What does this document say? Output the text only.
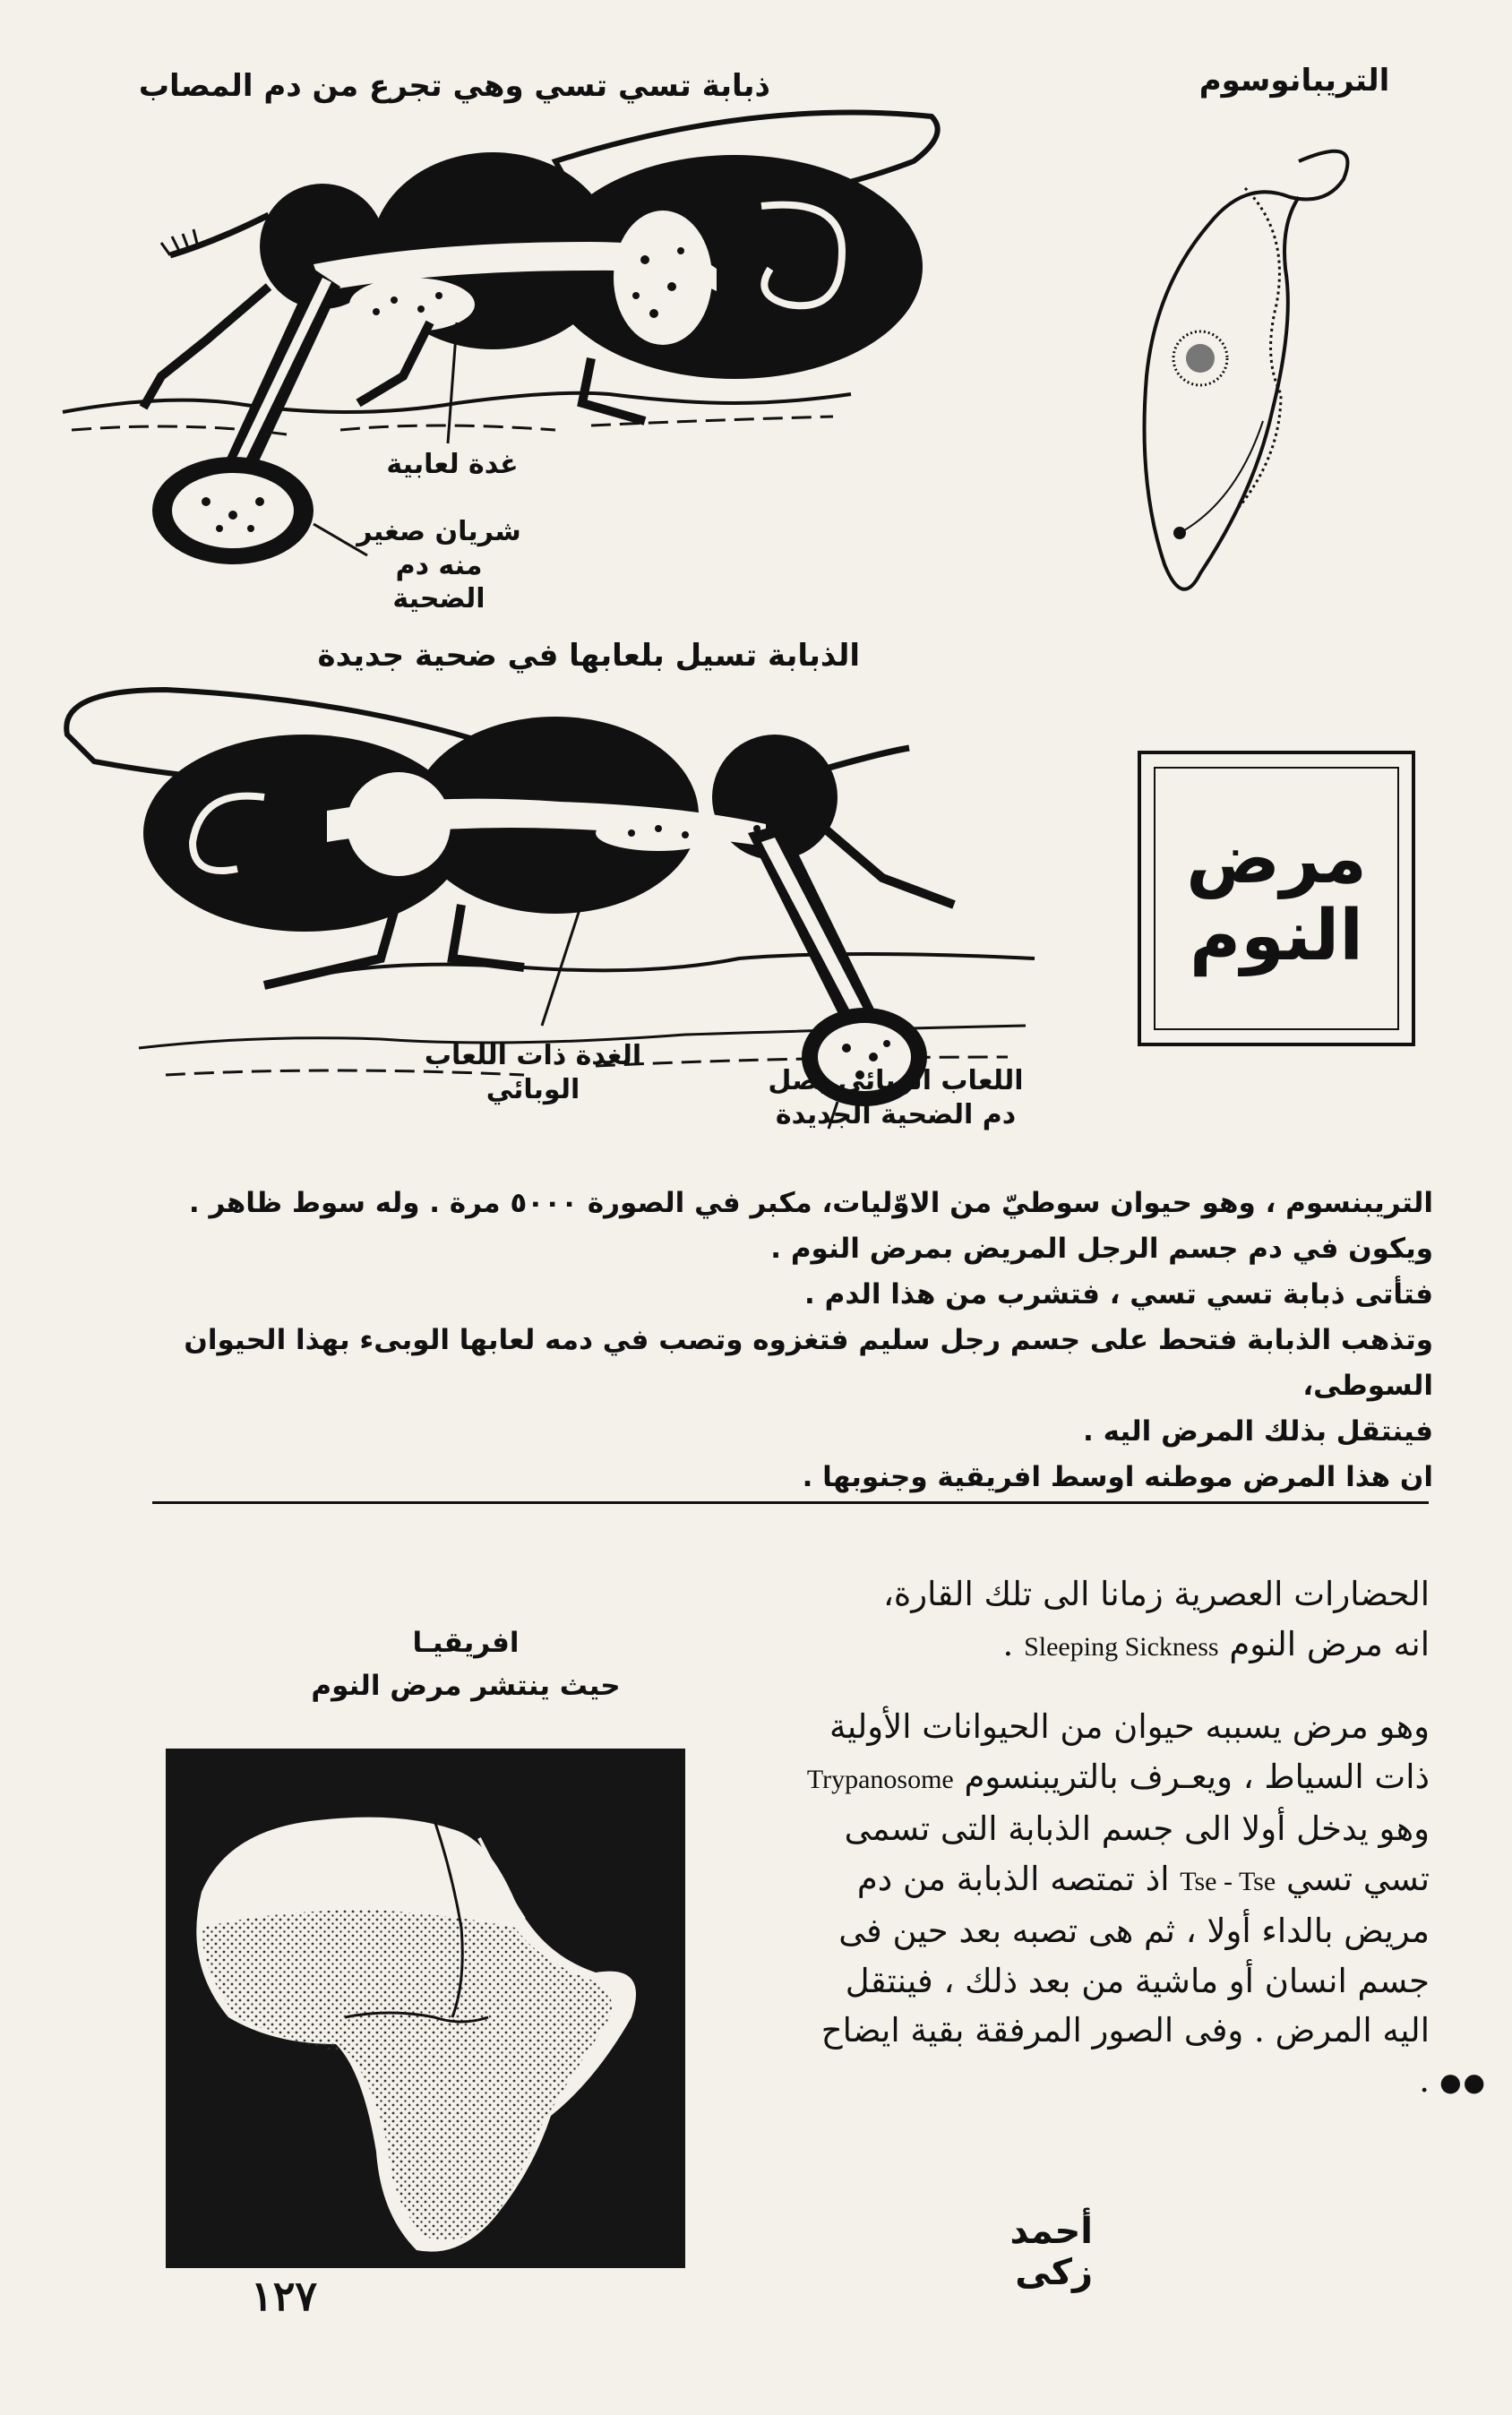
ذبابة تسي تسي وهي تجرع من دم المصاب
غدة لعابية
شريان صغير منه دم الضحية
التريبانوسوم
الذبابة تسيل بلعابها في ضحية جديدة
الغدة ذات اللعاب الوبائي	اللعاب الوبائي يصل دم الضحية الجديدة
مرض
النوم

التريبنسوم ، وهو حيوان سوطيّ من الاوّليات، مكبر في الصورة ٥٠٠٠ مرة . وله سوط ظاهر .

ويكون في دم جسم الرجل المريض بمرض النوم .

فتأتى ذبابة تسي تسي ، فتشرب من هذا الدم .

وتذهب الذبابة فتحط على جسم رجل سليم فتغزوه وتصب في دمه لعابها الوبىء بهذا الحيوان السوطى،

فينتقل بذلك المرض اليه .

ان هذا المرض موطنه اوسط افريقية وجنوبها .

افريقيـا
حيث ينتشر مرض النوم

الحضارات العصرية زمانا الى تلك القارة،
انه مرض النوم Sleeping Sickness .

وهو مرض يسببه حيوان من الحيوانات الأولية ذات السياط ، ويعـرف بالتريبنسوم Trypanosome وهو يدخل أولا الى جسم الذبابة التى تسمى تسي تسي Tse - Tse اذ تمتصه الذبابة من دم مريض بالداء أولا ، ثم هى تصبه بعد حين فى جسم انسان أو ماشية من بعد ذلك ، فينتقل اليه المرض . وفى الصور المرفقة بقية ايضاح . ●●

أحمد زكى
١٢٧
